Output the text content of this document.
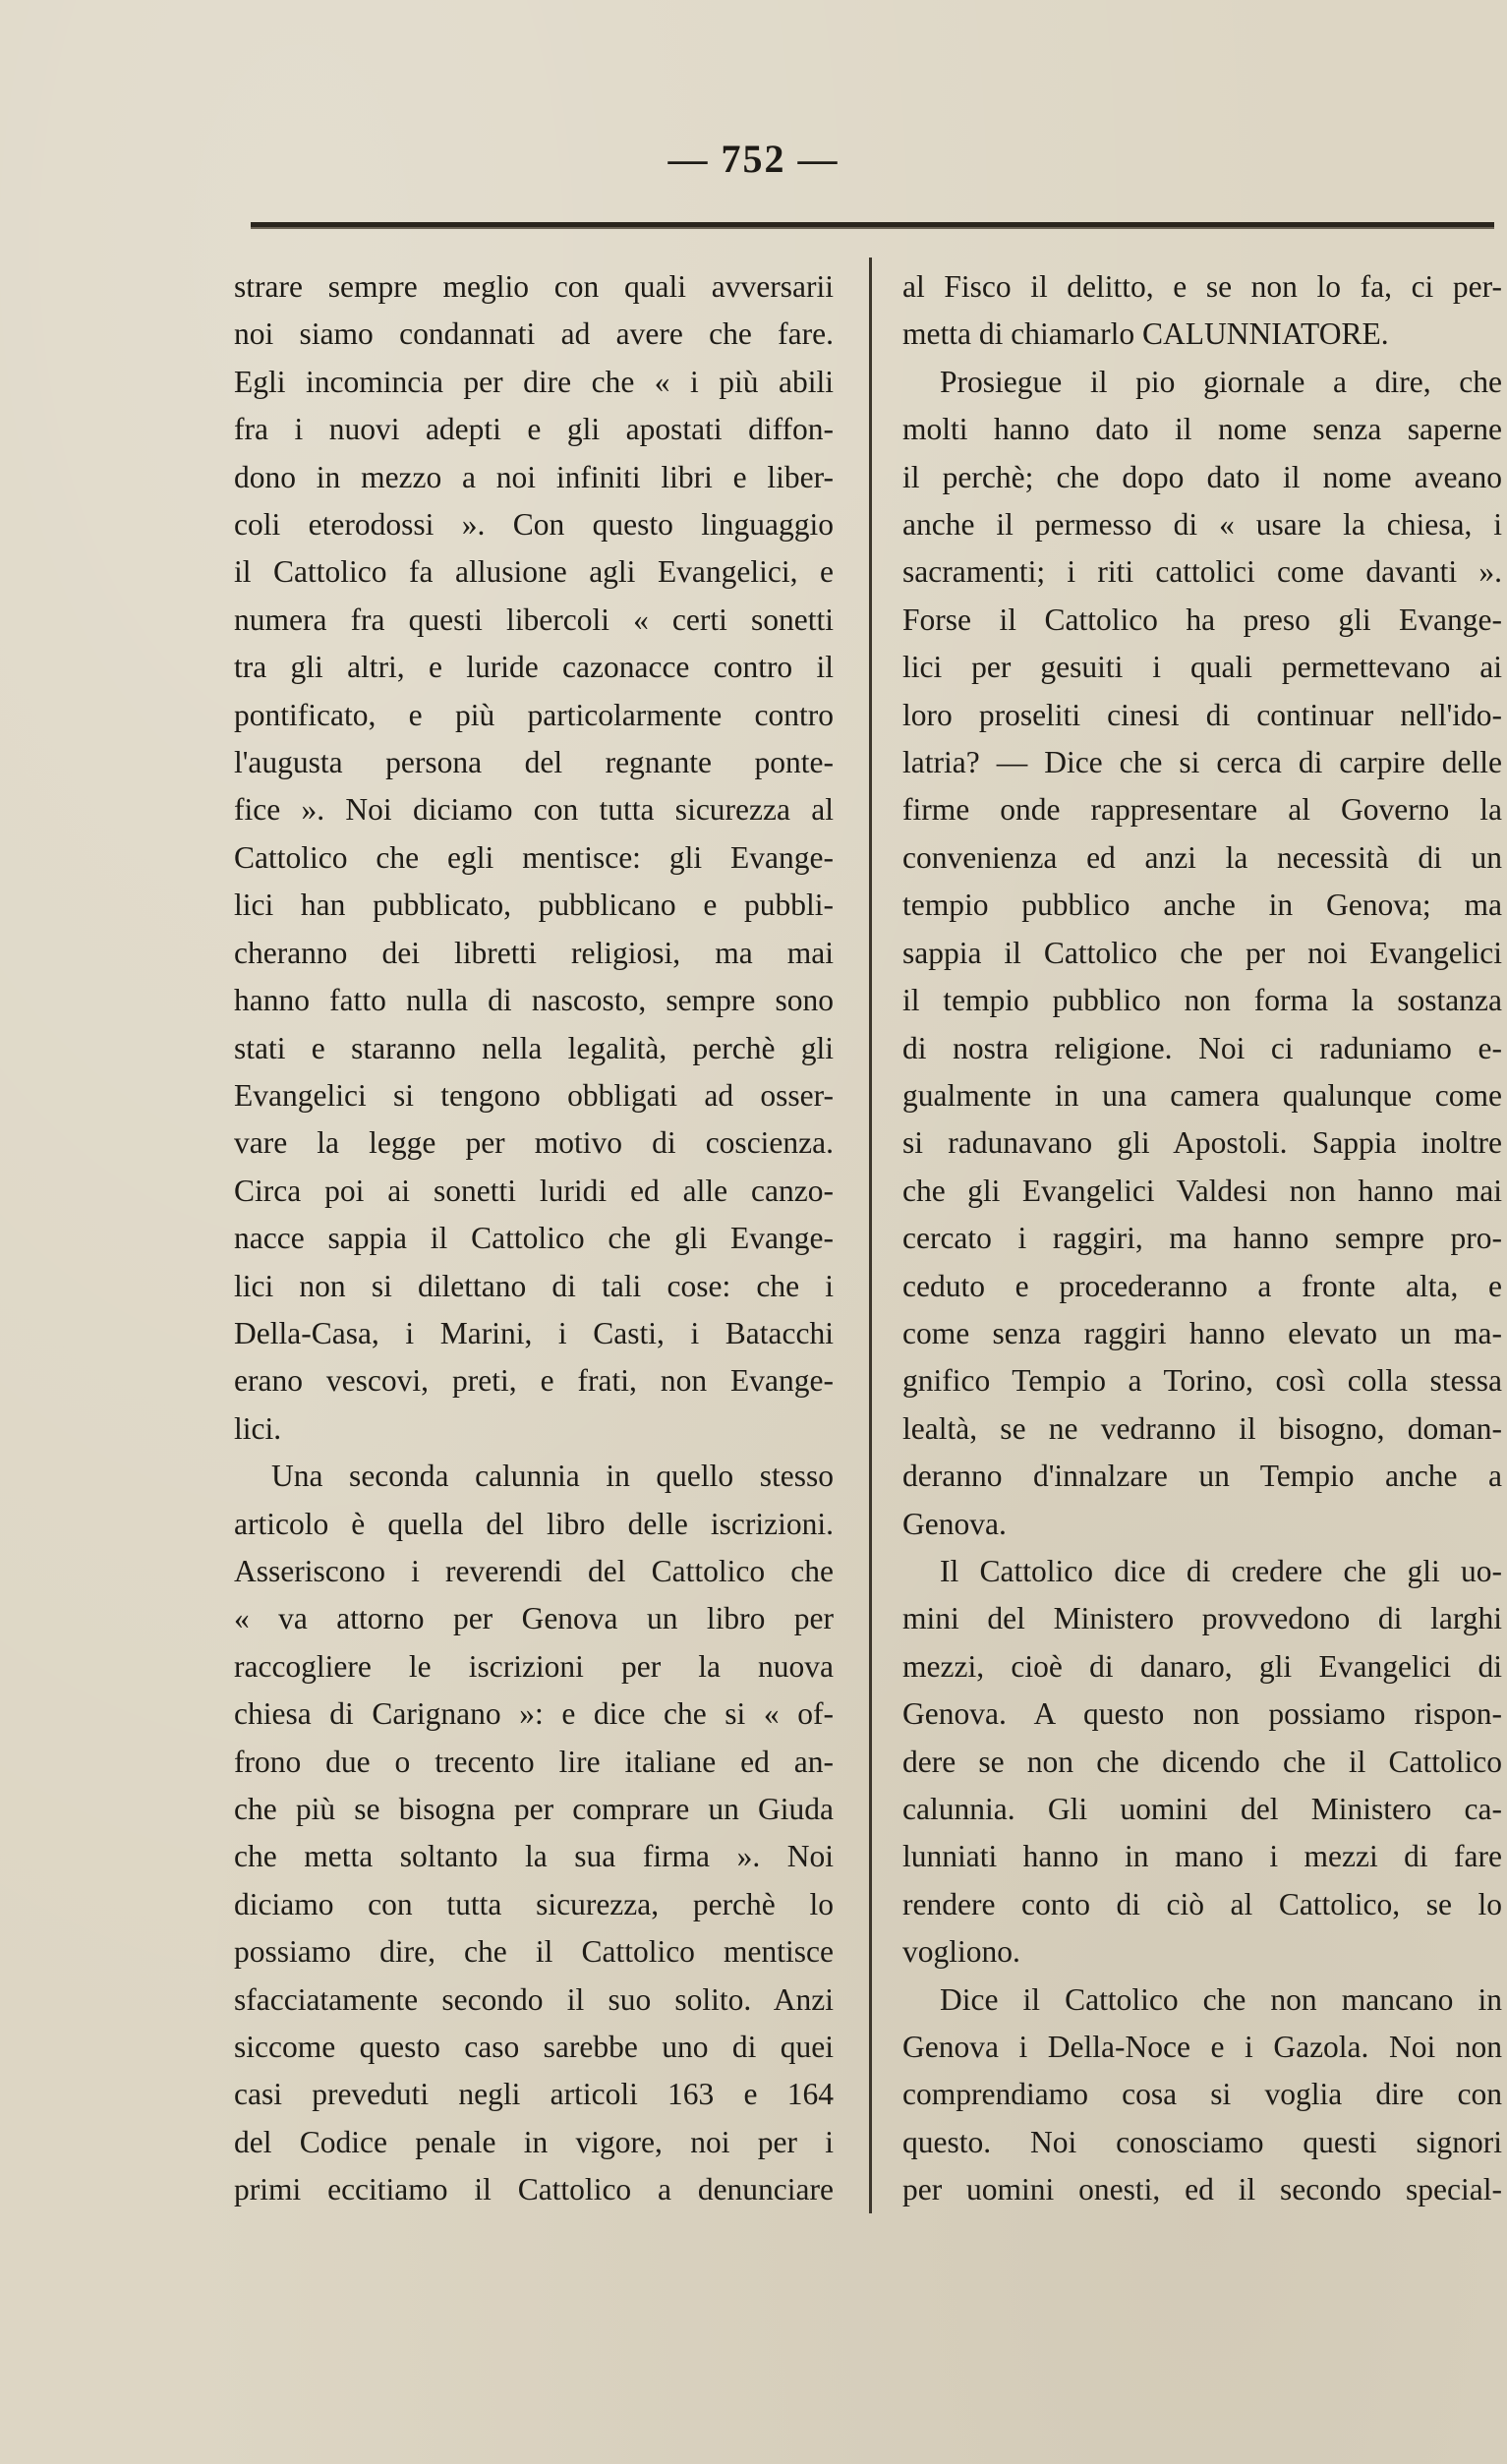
— 752 —
strare sempre meglio con quali avversarii
noi siamo condannati ad avere che fare.
Egli incomincia per dire che « i più abili
fra i nuovi adepti e gli apostati diffon-
dono in mezzo a noi infiniti libri e liber-
coli eterodossi ». Con questo linguaggio
il Cattolico fa allusione agli Evangelici, e
numera fra questi libercoli « certi sonetti
tra gli altri, e luride cazonacce contro il
pontificato, e più particolarmente contro
l'augusta persona del regnante ponte-
fice ». Noi diciamo con tutta sicurezza al
Cattolico che egli mentisce: gli Evange-
lici han pubblicato, pubblicano e pubbli-
cheranno dei libretti religiosi, ma mai
hanno fatto nulla di nascosto, sempre sono
stati e staranno nella legalità, perchè gli
Evangelici si tengono obbligati ad osser-
vare la legge per motivo di coscienza.
Circa poi ai sonetti luridi ed alle canzo-
nacce sappia il Cattolico che gli Evange-
lici non si dilettano di tali cose: che i
Della-Casa, i Marini, i Casti, i Batacchi
erano vescovi, preti, e frati, non Evange-
lici.
Una seconda calunnia in quello stesso
articolo è quella del libro delle iscrizioni.
Asseriscono i reverendi del Cattolico che
« va attorno per Genova un libro per
raccogliere le iscrizioni per la nuova
chiesa di Carignano »: e dice che si « of-
frono due o trecento lire italiane ed an-
che più se bisogna per comprare un Giuda
che metta soltanto la sua firma ». Noi
diciamo con tutta sicurezza, perchè lo
possiamo dire, che il Cattolico mentisce
sfacciatamente secondo il suo solito. Anzi
siccome questo caso sarebbe uno di quei
casi preveduti negli articoli 163 e 164
del Codice penale in vigore, noi per i
primi eccitiamo il Cattolico a denunciare
al Fisco il delitto, e se non lo fa, ci per-
metta di chiamarlo CALUNNIATORE.
Prosiegue il pio giornale a dire, che
molti hanno dato il nome senza saperne
il perchè; che dopo dato il nome aveano
anche il permesso di « usare la chiesa, i
sacramenti; i riti cattolici come davanti ».
Forse il Cattolico ha preso gli Evange-
lici per gesuiti i quali permettevano ai
loro proseliti cinesi di continuar nell'ido-
latria? — Dice che si cerca di carpire delle
firme onde rappresentare al Governo la
convenienza ed anzi la necessità di un
tempio pubblico anche in Genova; ma
sappia il Cattolico che per noi Evangelici
il tempio pubblico non forma la sostanza
di nostra religione. Noi ci raduniamo e-
gualmente in una camera qualunque come
si radunavano gli Apostoli. Sappia inoltre
che gli Evangelici Valdesi non hanno mai
cercato i raggiri, ma hanno sempre pro-
ceduto e procederanno a fronte alta, e
come senza raggiri hanno elevato un ma-
gnifico Tempio a Torino, così colla stessa
lealtà, se ne vedranno il bisogno, doman-
deranno d'innalzare un Tempio anche a
Genova.
Il Cattolico dice di credere che gli uo-
mini del Ministero provvedono di larghi
mezzi, cioè di danaro, gli Evangelici di
Genova. A questo non possiamo rispon-
dere se non che dicendo che il Cattolico
calunnia. Gli uomini del Ministero ca-
lunniati hanno in mano i mezzi di fare
rendere conto di ciò al Cattolico, se lo
vogliono.
Dice il Cattolico che non mancano in
Genova i Della-Noce e i Gazola. Noi non
comprendiamo cosa si voglia dire con
questo. Noi conosciamo questi signori
per uomini onesti, ed il secondo special-
